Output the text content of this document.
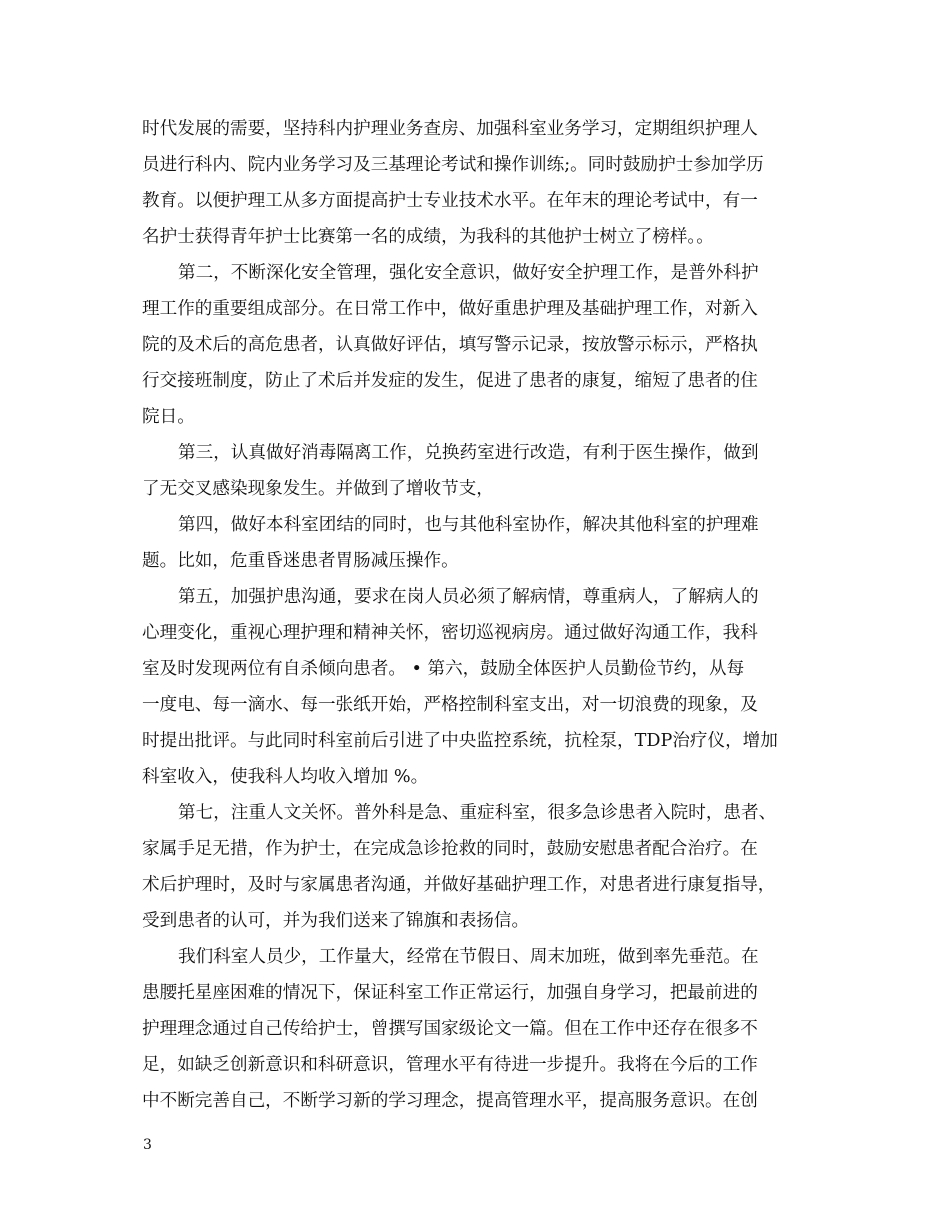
时代发展的需要，坚持科内护理业务查房、加强科室业务学习，定期组织护理人
员进行科内、院内业务学习及三基理论考试和操作训练;。同时鼓励护士参加学历
教育。以便护理工从多方面提高护士专业技术水平。在年末的理论考试中，有一
名护士获得青年护士比赛第一名的成绩，为我科的其他护士树立了榜样。。
第二，不断深化安全管理，强化安全意识，做好安全护理工作，是普外科护
理工作的重要组成部分。在日常工作中，做好重患护理及基础护理工作，对新入
院的及术后的高危患者，认真做好评估，填写警示记录，按放警示标示，严格执
行交接班制度，防止了术后并发症的发生，促进了患者的康复，缩短了患者的住
院日。
第三，认真做好消毒隔离工作，兑换药室进行改造，有利于医生操作，做到
了无交叉感染现象发生。并做到了增收节支，
第四，做好本科室团结的同时，也与其他科室协作，解决其他科室的护理难
题。比如，危重昏迷患者胃肠减压操作。
第五，加强护患沟通，要求在岗人员必须了解病情，尊重病人，了解病人的
心理变化，重视心理护理和精神关怀，密切巡视病房。通过做好沟通工作，我科
室及时发现两位有自杀倾向患者。 • 第六，鼓励全体医护人员勤俭节约，从每
一度电、每一滴水、每一张纸开始，严格控制科室支出，对一切浪费的现象，及
时提出批评。与此同时科室前后引进了中央监控系统，抗栓泵，TDP治疗仪，增加
科室收入，使我科人均收入增加 %。
第七，注重人文关怀。普外科是急、重症科室，很多急诊患者入院时，患者、
家属手足无措，作为护士，在完成急诊抢救的同时，鼓励安慰患者配合治疗。在
术后护理时，及时与家属患者沟通，并做好基础护理工作，对患者进行康复指导，
受到患者的认可，并为我们送来了锦旗和表扬信。
我们科室人员少，工作量大，经常在节假日、周末加班，做到率先垂范。在
患腰托星座困难的情况下，保证科室工作正常运行，加强自身学习，把最前进的
护理理念通过自己传给护士，曾撰写国家级论文一篇。但在工作中还存在很多不
足，如缺乏创新意识和科研意识，管理水平有待进一步提升。我将在今后的工作
中不断完善自己，不断学习新的学习理念，提高管理水平，提高服务意识。在创
3
